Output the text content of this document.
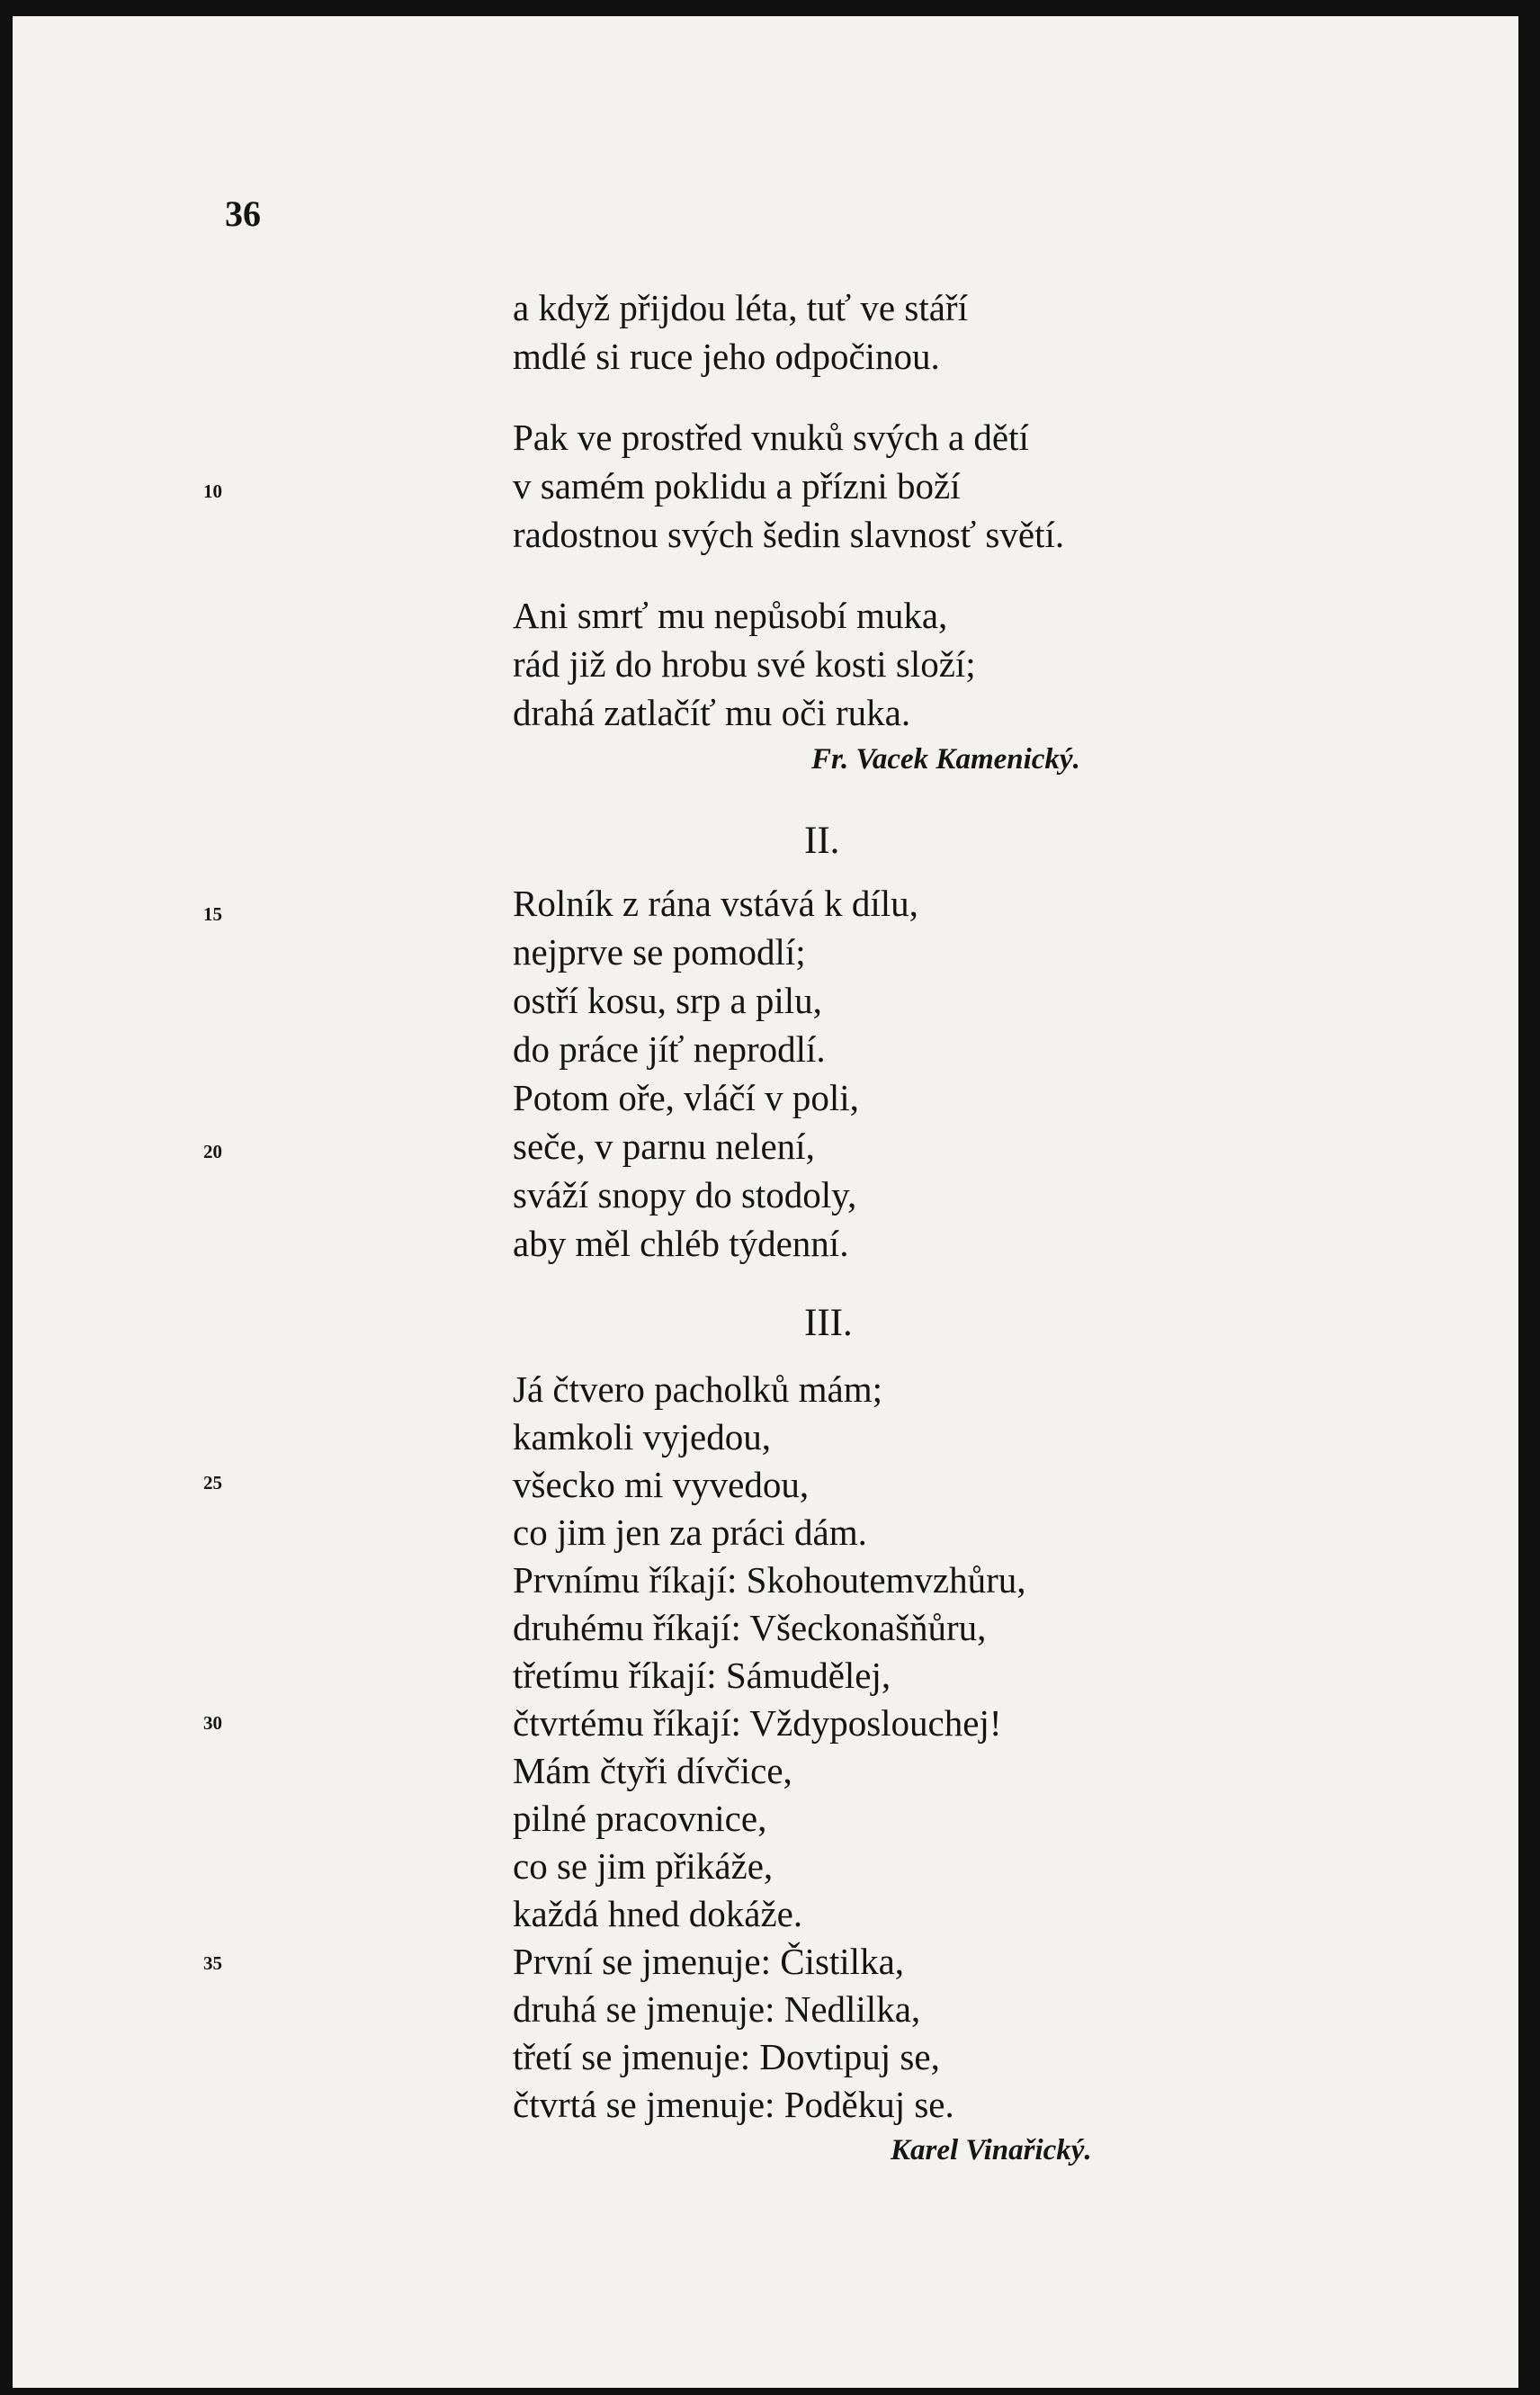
36
a když přijdou léta, tuť ve stáří
mdlé si ruce jeho odpočinou.
Pak ve prostřed vnuků svých a dětí
v samém poklidu a přízni boží
radostnou svých šedin slavnosť světí.
Ani smrť mu nepůsobí muka,
rád již do hrobu své kosti složí;
drahá zatlačíť mu oči ruka.
Fr. Vacek Kamenický.
II.
Rolník z rána vstává k dílu,
nejprve se pomodlí;
ostří kosu, srp a pilu,
do práce jíť neprodlí.
Potom oře, vláčí v poli,
seče, v parnu nelení,
sváží snopy do stodoly,
aby měl chléb týdenní.
III.
Já čtvero pacholků mám;
kamkoli vyjedou,
všecko mi vyvedou,
co jim jen za práci dám.
Prvnímu říkají: Skohoutemvzhůru,
druhému říkají: Všeckonašňůru,
třetímu říkají: Sámudělej,
čtvrtému říkají: Vždyposlouchej!
Mám čtyři dívčice,
pilné pracovnice,
co se jim přikáže,
každá hned dokáže.
První se jmenuje: Čistilka,
druhá se jmenuje: Nedlilka,
třetí se jmenuje: Dovtipuj se,
čtvrtá se jmenuje: Poděkuj se.
Karel Vinařický.
10
15
20
25
30
35
